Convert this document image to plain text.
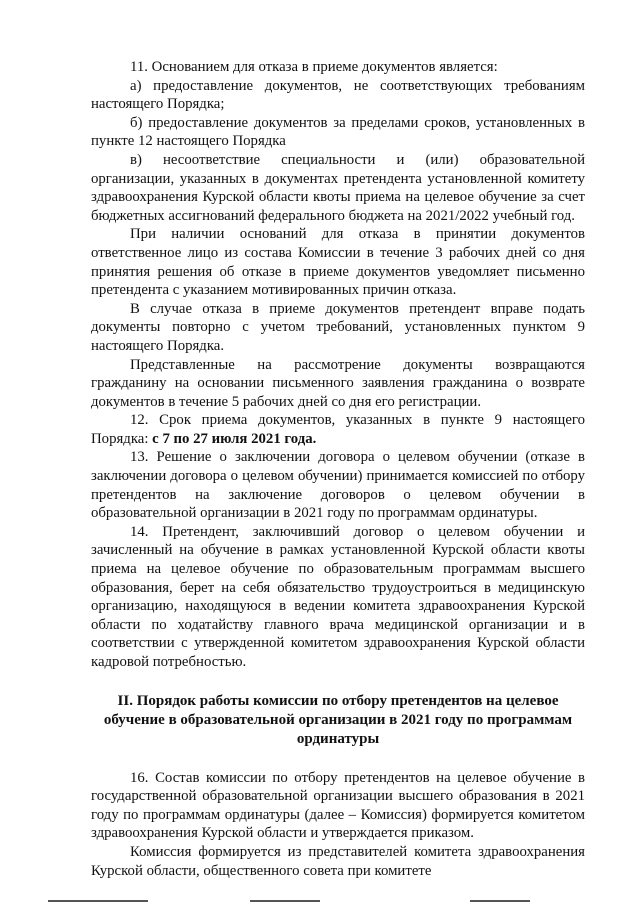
11. Основанием для отказа в приеме документов является:

а) предоставление документов, не соответствующих требованиям настоящего Порядка;

б) предоставление документов за пределами сроков, установленных в пункте 12 настоящего Порядка

в) несоответствие специальности и (или) образовательной организации, указанных в документах претендента установленной комитету здравоохранения Курской области квоты приема на целевое обучение за счет бюджетных ассигнований федерального бюджета на 2021/2022 учебный год.

При наличии оснований для отказа в принятии документов ответственное лицо из состава Комиссии в течение 3 рабочих дней со дня принятия решения об отказе в приеме документов уведомляет письменно претендента с указанием мотивированных причин отказа.

В случае отказа в приеме документов претендент вправе подать документы повторно с учетом требований, установленных пунктом 9 настоящего Порядка.

Представленные на рассмотрение документы возвращаются гражданину на основании письменного заявления гражданина о возврате документов в течение 5 рабочих дней со дня его регистрации.

12. Срок приема документов, указанных в пункте 9 настоящего Порядка: с 7 по 27 июля 2021 года.

13. Решение о заключении договора о целевом обучении (отказе в заключении договора о целевом обучении) принимается комиссией по отбору претендентов на заключение договоров о целевом обучении в образовательной организации в 2021 году по программам ординатуры.

14. Претендент, заключивший договор о целевом обучении и зачисленный на обучение в рамках установленной Курской области квоты приема на целевое обучение по образовательным программам высшего образования, берет на себя обязательство трудоустроиться в медицинскую организацию, находящуюся в ведении комитета здравоохранения Курской области по ходатайству главного врача медицинской организации и в соответствии с утвержденной комитетом здравоохранения Курской области кадровой потребностью.

II. Порядок работы комиссии по отбору претендентов на целевое обучение в образовательной организации в 2021 году по программам ординатуры

16. Состав комиссии по отбору претендентов на целевое обучение в государственной образовательной организации высшего образования в 2021 году по программам ординатуры (далее – Комиссия) формируется комитетом здравоохранения Курской области и утверждается приказом.

Комиссия формируется из представителей комитета здравоохранения Курской области, общественного совета при комитете
